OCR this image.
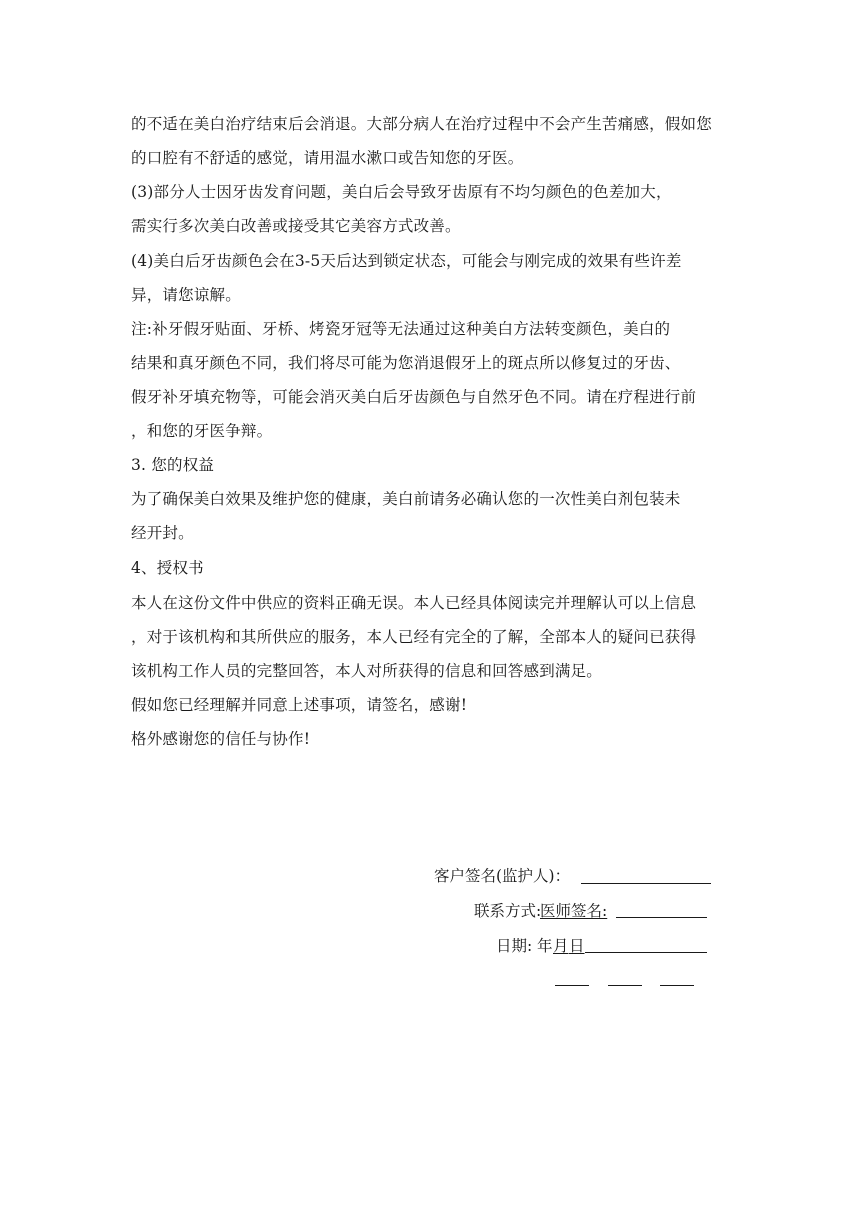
的不适在美白治疗结束后会消退。大部分病人在治疗过程中不会产生苦痛感，假如您
的口腔有不舒适的感觉，请用温水漱口或告知您的牙医。
(3)部分人士因牙齿发育问题，美白后会导致牙齿原有不均匀颜色的色差加大，
需实行多次美白改善或接受其它美容方式改善。
(4)美白后牙齿颜色会在3-5天后达到锁定状态，可能会与刚完成的效果有些许差
异，请您谅解。
注:补牙假牙贴面、牙桥、烤瓷牙冠等无法通过这种美白方法转变颜色，美白的
结果和真牙颜色不同，我们将尽可能为您消退假牙上的斑点所以修复过的牙齿、
假牙补牙填充物等，可能会消灭美白后牙齿颜色与自然牙色不同。请在疗程进行前
，和您的牙医争辩。
3. 您的权益
为了确保美白效果及维护您的健康，美白前请务必确认您的一次性美白剂包装未
经开封。
4、授权书
本人在这份文件中供应的资料正确无误。本人已经具体阅读完并理解认可以上信息
，对于该机构和其所供应的服务，本人已经有完全的了解，全部本人的疑问已获得
该机构工作人员的完整回答，本人对所获得的信息和回答感到满足。
假如您已经理解并同意上述事项，请签名，感谢!
格外感谢您的信任与协作!
客户签名(监护人)：
联系方式:
医师签名:
日期: 年 月 日
